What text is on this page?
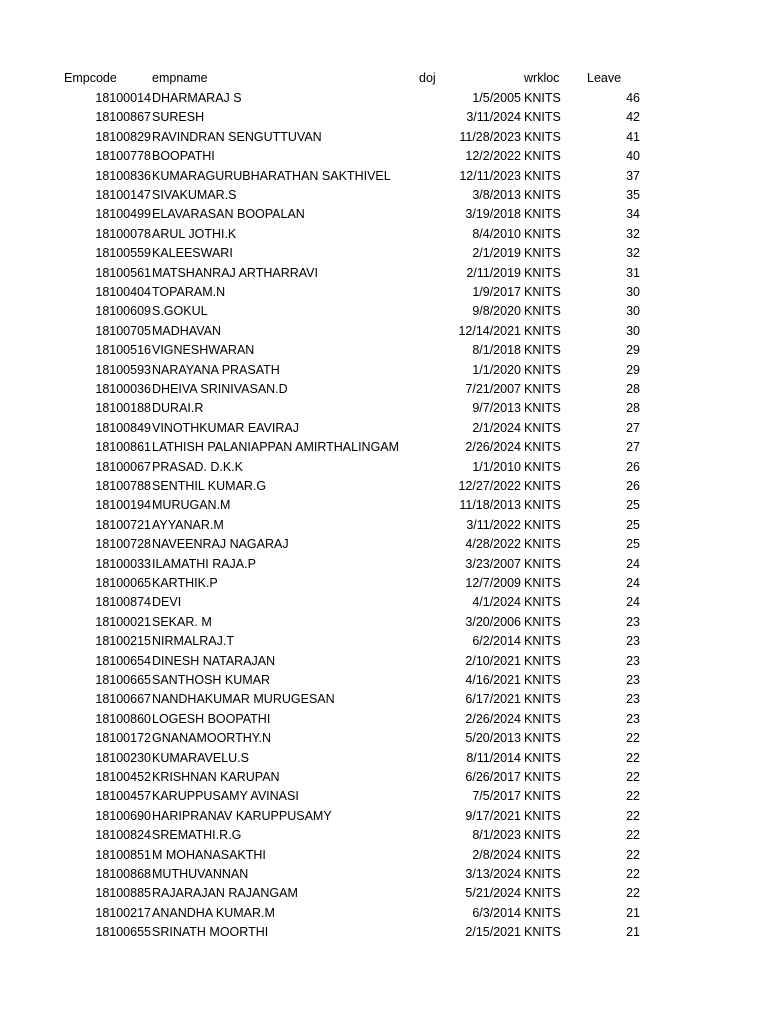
Empcode	empname	doj	wrkloc Leave
18100014 DHARMARAJ S	1/5/2005 KNITS	46
18100867 SURESH	3/11/2024 KNITS	42
18100829 RAVINDRAN SENGUTTUVAN	11/28/2023 KNITS	41
18100778 BOOPATHI	12/2/2022 KNITS	40
18100836 KUMARAGURUBHARATHAN SAKTHIVEL	12/11/2023 KNITS	37
18100147 SIVAKUMAR.S	3/8/2013 KNITS	35
18100499 ELAVARASAN BOOPALAN	3/19/2018 KNITS	34
18100078 ARUL JOTHI.K	8/4/2010 KNITS	32
18100559 KALEESWARI	2/1/2019 KNITS	32
18100561 MATSHANRAJ ARTHARRAVI	2/11/2019 KNITS	31
18100404 TOPARAM.N	1/9/2017 KNITS	30
18100609 S.GOKUL	9/8/2020 KNITS	30
18100705 MADHAVAN	12/14/2021 KNITS	30
18100516 VIGNESHWARAN	8/1/2018 KNITS	29
18100593 NARAYANA PRASATH	1/1/2020 KNITS	29
18100036 DHEIVA SRINIVASAN.D	7/21/2007 KNITS	28
18100188 DURAI.R	9/7/2013 KNITS	28
18100849 VINOTHKUMAR EAVIRAJ	2/1/2024 KNITS	27
18100861 LATHISH PALANIAPPAN AMIRTHALINGAM	2/26/2024 KNITS	27
18100067 PRASAD. D.K.K	1/1/2010 KNITS	26
18100788 SENTHIL KUMAR.G	12/27/2022 KNITS	26
18100194 MURUGAN.M	11/18/2013 KNITS	25
18100721 AYYANAR.M	3/11/2022 KNITS	25
18100728 NAVEENRAJ NAGARAJ	4/28/2022 KNITS	25
18100033 ILAMATHI RAJA.P	3/23/2007 KNITS	24
18100065 KARTHIK.P	12/7/2009 KNITS	24
18100874 DEVI	4/1/2024 KNITS	24
18100021 SEKAR. M	3/20/2006 KNITS	23
18100215 NIRMALRAJ.T	6/2/2014 KNITS	23
18100654 DINESH NATARAJAN	2/10/2021 KNITS	23
18100665 SANTHOSH KUMAR	4/16/2021 KNITS	23
18100667 NANDHAKUMAR MURUGESAN	6/17/2021 KNITS	23
18100860 LOGESH BOOPATHI	2/26/2024 KNITS	23
18100172 GNANAMOORTHY.N	5/20/2013 KNITS	22
18100230 KUMARAVELU.S	8/11/2014 KNITS	22
18100452 KRISHNAN KARUPAN	6/26/2017 KNITS	22
18100457 KARUPPUSAMY AVINASI	7/5/2017 KNITS	22
18100690 HARIPRANAV KARUPPUSAMY	9/17/2021 KNITS	22
18100824 SREMATHI.R.G	8/1/2023 KNITS	22
18100851 M MOHANASAKTHI	2/8/2024 KNITS	22
18100868 MUTHUVANNAN	3/13/2024 KNITS	22
18100885 RAJARAJAN RAJANGAM	5/21/2024 KNITS	22
18100217 ANANDHA KUMAR.M	6/3/2014 KNITS	21
18100655 SRINATH MOORTHI	2/15/2021 KNITS	21
